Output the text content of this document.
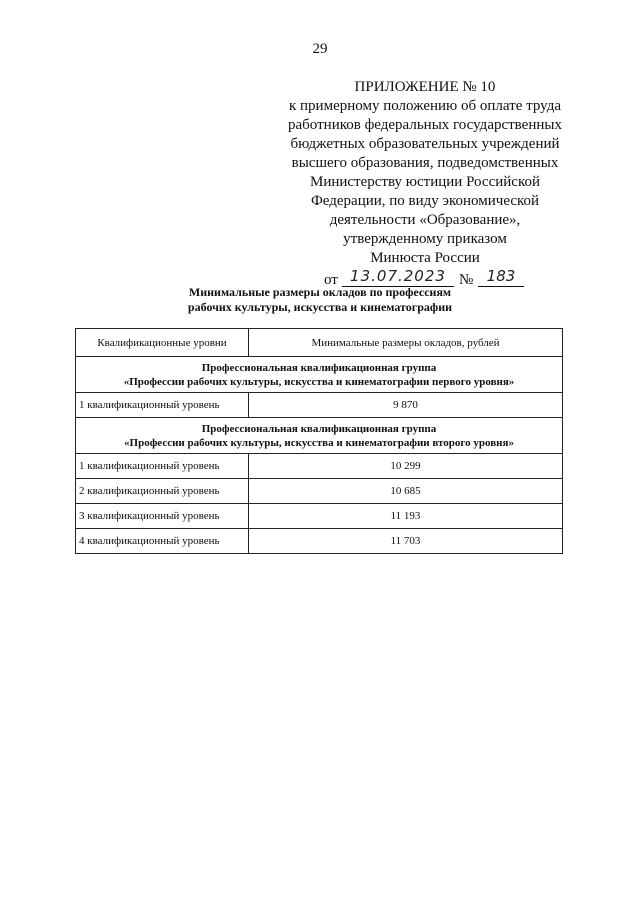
29
ПРИЛОЖЕНИЕ № 10
к примерному положению об оплате труда
работников федеральных государственных
бюджетных образовательных учреждений
высшего образования, подведомственных
Министерству юстиции Российской
Федерации, по виду экономической
деятельности «Образование»,
утвержденному приказом
Минюста России
от 13.07.2023 № 183
Минимальные размеры окладов по профессиям
рабочих культуры, искусства и кинематографии
Квалификационные уровни	Минимальные размеры окладов, рублей

Профессиональная квалификационная группа
«Профессии рабочих культуры, искусства и кинематографии первого уровня»	

1 квалификационный уровень	9 870

Профессиональная квалификационная группа
«Профессии рабочих культуры, искусства и кинематографии второго уровня»	

1 квалификационный уровень	10 299
2 квалификационный уровень	10 685
3 квалификационный уровень	11 193
4 квалификационный уровень	11 703
